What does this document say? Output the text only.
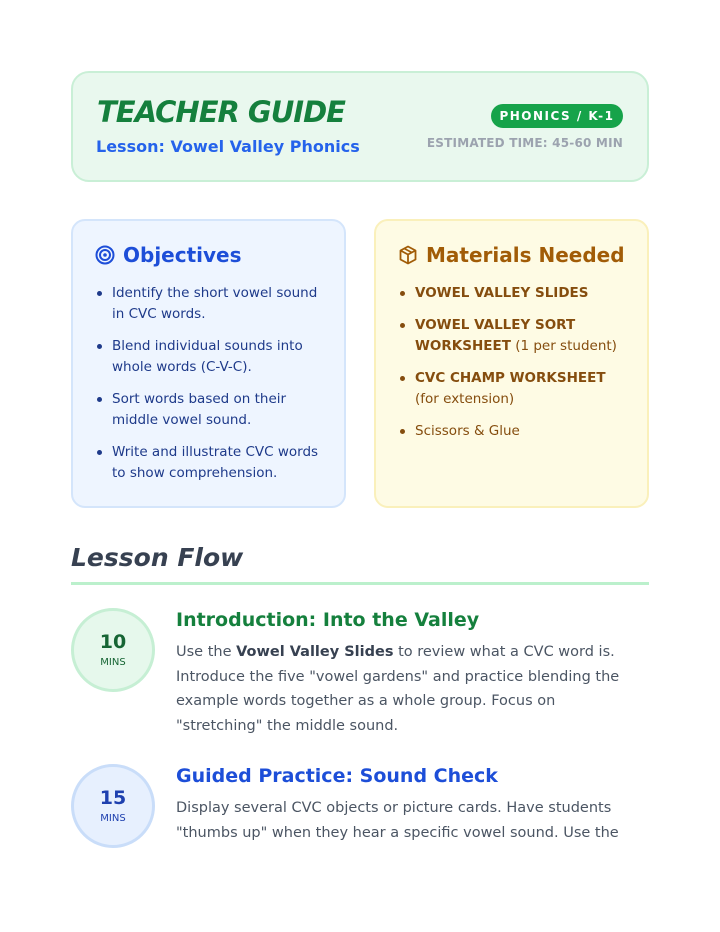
TEACHER GUIDE
Lesson: Vowel Valley Phonics
PHONICS / K-1
ESTIMATED TIME: 45-60 MIN
Objectives
Identify the short vowel sound in CVC words.
Blend individual sounds into whole words (C-V-C).
Sort words based on their middle vowel sound.
Write and illustrate CVC words to show comprehension.
Materials Needed
VOWEL VALLEY SLIDES
VOWEL VALLEY SORT WORKSHEET (1 per student)
CVC CHAMP WORKSHEET (for extension)
Scissors & Glue
Lesson Flow
10
MINS
Introduction: Into the Valley

Use the Vowel Valley Slides to review what a CVC word is. Introduce the five "vowel gardens" and practice blending the example words together as a whole group. Focus on "stretching" the middle sound.

15
MINS
Guided Practice: Sound Check

Display several CVC objects or picture cards. Have students "thumbs up" when they hear a specific vowel sound. Use the
